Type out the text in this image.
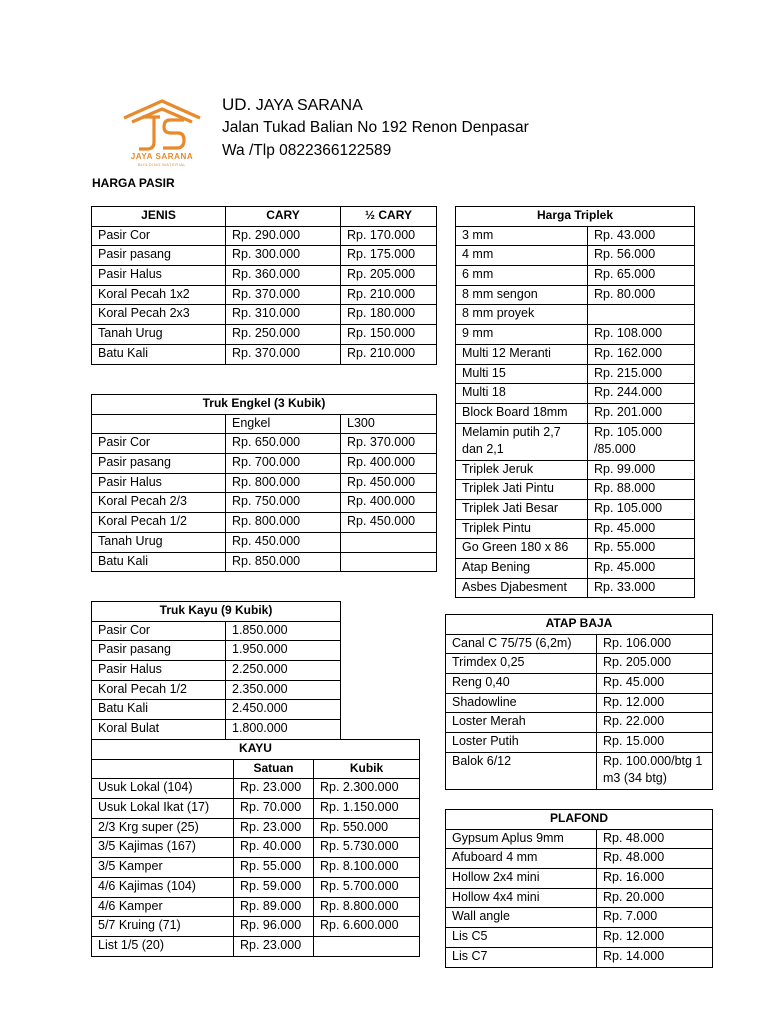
JAYA SARANA
BUILDING MATERIAL
UD. JAYA SARANA
Jalan Tukad Balian No 192 Renon Denpasar
Wa /Tlp 0822366122589
HARGA PASIR
JENIS	CARY	½ CARY
Pasir Cor	Rp. 290.000	Rp. 170.000
Pasir pasang	Rp. 300.000	Rp. 175.000
Pasir Halus	Rp. 360.000	Rp. 205.000
Koral Pecah 1x2	Rp. 370.000	Rp. 210.000
Koral Pecah 2x3	Rp. 310.000	Rp. 180.000
Tanah Urug	Rp. 250.000	Rp. 150.000
Batu Kali	Rp. 370.000	Rp. 210.000
Truk Engkel (3 Kubik)		
	Engkel	L300
Pasir Cor	Rp. 650.000	Rp. 370.000
Pasir pasang	Rp. 700.000	Rp. 400.000
Pasir Halus	Rp. 800.000	Rp. 450.000
Koral Pecah 2/3	Rp. 750.000	Rp. 400.000
Koral Pecah 1/2	Rp. 800.000	Rp. 450.000
Tanah Urug	Rp. 450.000	
Batu Kali	Rp. 850.000	
Truk Kayu (9 Kubik)	
Pasir Cor	1.850.000
Pasir pasang	1.950.000
Pasir Halus	2.250.000
Koral Pecah 1/2	2.350.000
Batu Kali	2.450.000
Koral Bulat	1.800.000
KAYU		
	Satuan	Kubik
Usuk Lokal (104)	Rp. 23.000	Rp. 2.300.000
Usuk Lokal Ikat (17)	Rp. 70.000	Rp. 1.150.000
2/3 Krg super (25)	Rp. 23.000	Rp. 550.000
3/5 Kajimas (167)	Rp. 40.000	Rp. 5.730.000
3/5 Kamper	Rp. 55.000	Rp. 8.100.000
4/6 Kajimas (104)	Rp. 59.000	Rp. 5.700.000
4/6 Kamper	Rp. 89.000	Rp. 8.800.000
5/7 Kruing (71)	Rp. 96.000	Rp. 6.600.000
List 1/5 (20)	Rp. 23.000	
Harga Triplek	
3 mm	Rp. 43.000
4 mm	Rp. 56.000
6 mm	Rp. 65.000
8 mm sengon	Rp. 80.000
8 mm proyek	
9 mm	Rp. 108.000
Multi 12 Meranti	Rp. 162.000
Multi 15	Rp. 215.000
Multi 18	Rp. 244.000
Block Board 18mm	Rp. 201.000
Melamin putih 2,7 dan 2,1	Rp. 105.000 /85.000
Triplek Jeruk	Rp. 99.000
Triplek Jati Pintu	Rp. 88.000
Triplek Jati Besar	Rp. 105.000
Triplek Pintu	Rp. 45.000
Go Green 180 x 86	Rp. 55.000
Atap Bening	Rp. 45.000
Asbes Djabesment	Rp. 33.000
ATAP BAJA	
Canal C 75/75 (6,2m)	Rp. 106.000
Trimdex 0,25	Rp. 205.000
Reng 0,40	Rp. 45.000
Shadowline	Rp. 12.000
Loster Merah	Rp. 22.000
Loster Putih	Rp. 15.000
Balok 6/12	Rp. 100.000/btg 1 m3 (34 btg)
PLAFOND	
Gypsum Aplus 9mm	Rp. 48.000
Afuboard 4 mm	Rp. 48.000
Hollow 2x4 mini	Rp. 16.000
Hollow 4x4 mini	Rp. 20.000
Wall angle	Rp. 7.000
Lis C5	Rp. 12.000
Lis C7	Rp. 14.000
